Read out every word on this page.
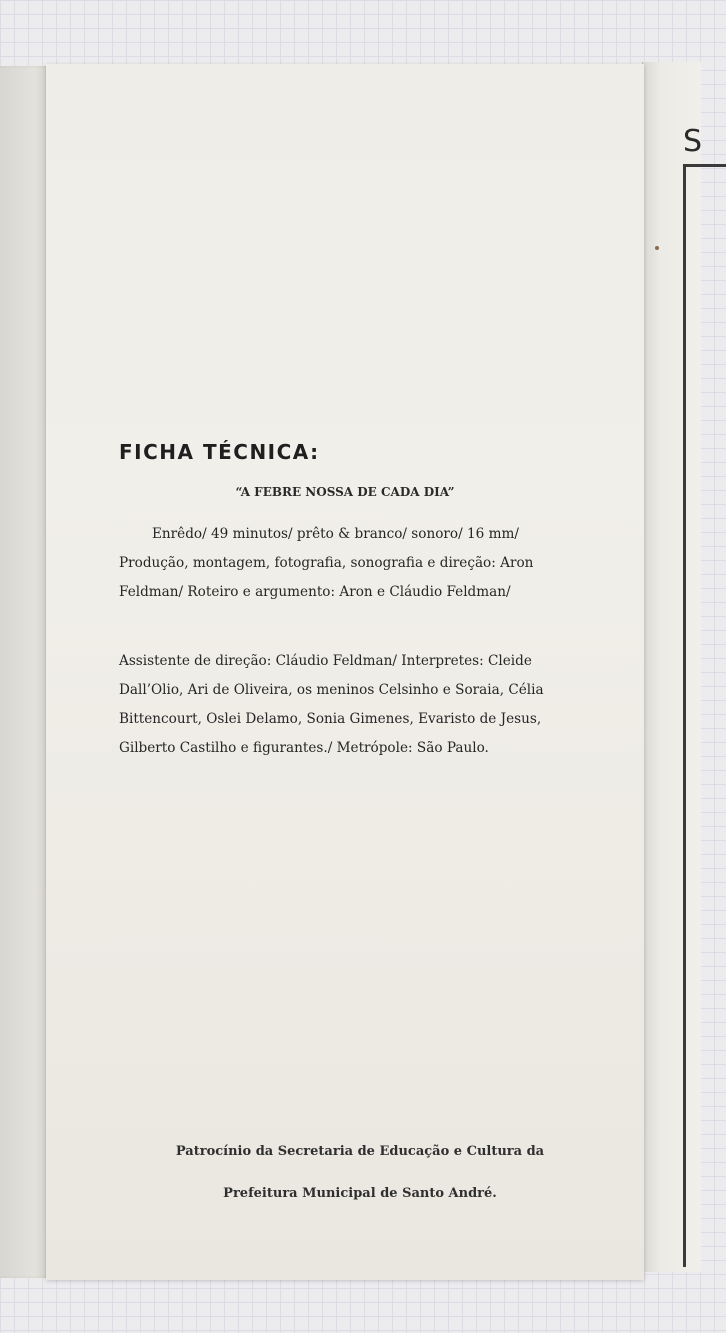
S
FICHA TÉCNICA:

“A FEBRE NOSSA DE CADA DIA”

Enrêdo/ 49 minutos/ prêto & branco/ sonoro/ 16 mm/ Produção, montagem, fotografia, sonografia e direção: Aron Feldman/ Roteiro e argumento: Aron e Cláudio Feldman/

Assistente de direção: Cláudio Feldman/ Interpretes: Cleide Dall’Olio, Ari de Oliveira, os meninos Celsinho e Soraia, Célia Bittencourt, Oslei Delamo, Sonia Gimenes, Evaristo de Jesus, Gilberto Castilho e figurantes./ Metrópole: São Paulo.

Patrocínio da Secretaria de Educação e Cultura da

Prefeitura Municipal de Santo André.
